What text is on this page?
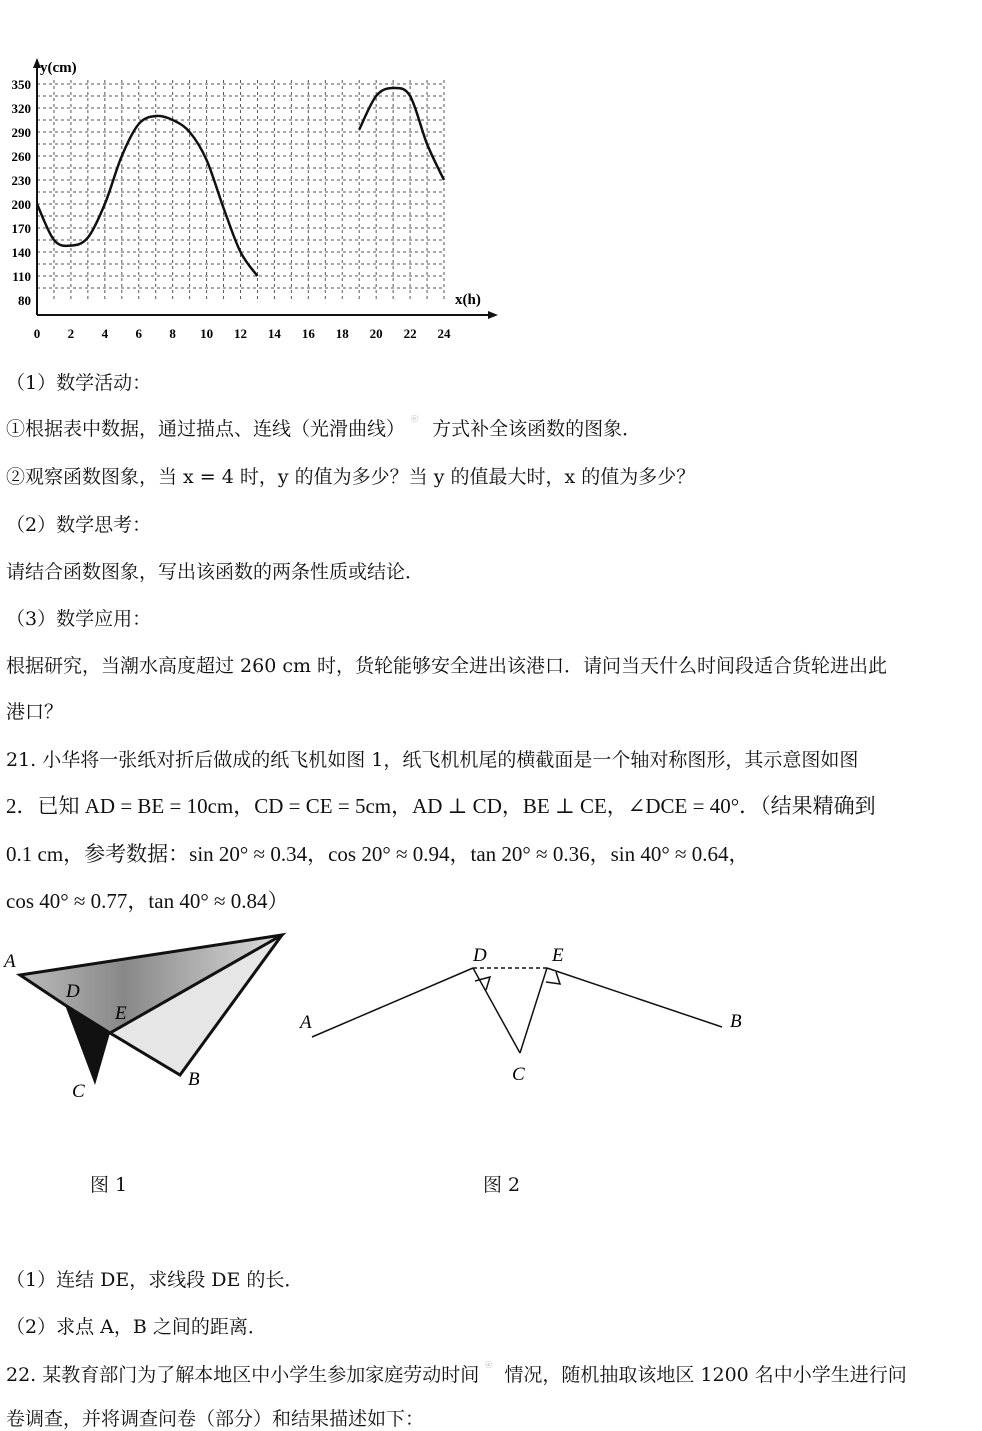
80
110
140
170
200
230
260
290
320
350
0 2 4 6 8 10 12 14 16 18 20 22 24
y(cm)
x(h)
（1）数学活动：
①根据表中数据，通过描点、连线（光滑曲线） ⓔ 方式补全该函数的图象．
②观察函数图象，当 x = 4 时，y 的值为多少？当 y 的值最大时，x 的值为多少？
（2）数学思考：
请结合函数图象，写出该函数的两条性质或结论．
（3）数学应用：
根据研究，当潮水高度超过 260 cm 时，货轮能够安全进出该港口．请问当天什么时间段适合货轮进出此
港口？
21. 小华将一张纸对折后做成的纸飞机如图 1，纸飞机机尾的横截面是一个轴对称图形，其示意图如图
2．已知 AD = BE = 10cm，CD = CE = 5cm，AD ⊥ CD，BE ⊥ CE，∠DCE = 40°．（结果精确到
0.1 cm，参考数据：sin 20° ≈ 0.34，cos 20° ≈ 0.94，tan 20° ≈ 0.36，sin 40° ≈ 0.64，
cos 40° ≈ 0.77，tan 40° ≈ 0.84）
A
D
E
C
B
A
D	E
C
B
图 1	图 2
（1）连结 DE，求线段 DE 的长．
（2）求点 A，B 之间的距离．
22. 某教育部门为了解本地区中小学生参加家庭劳动时间 ⓔ 情况，随机抽取该地区 1200 名中小学生进行问
卷调查，并将调查问卷（部分）和结果描述如下：
